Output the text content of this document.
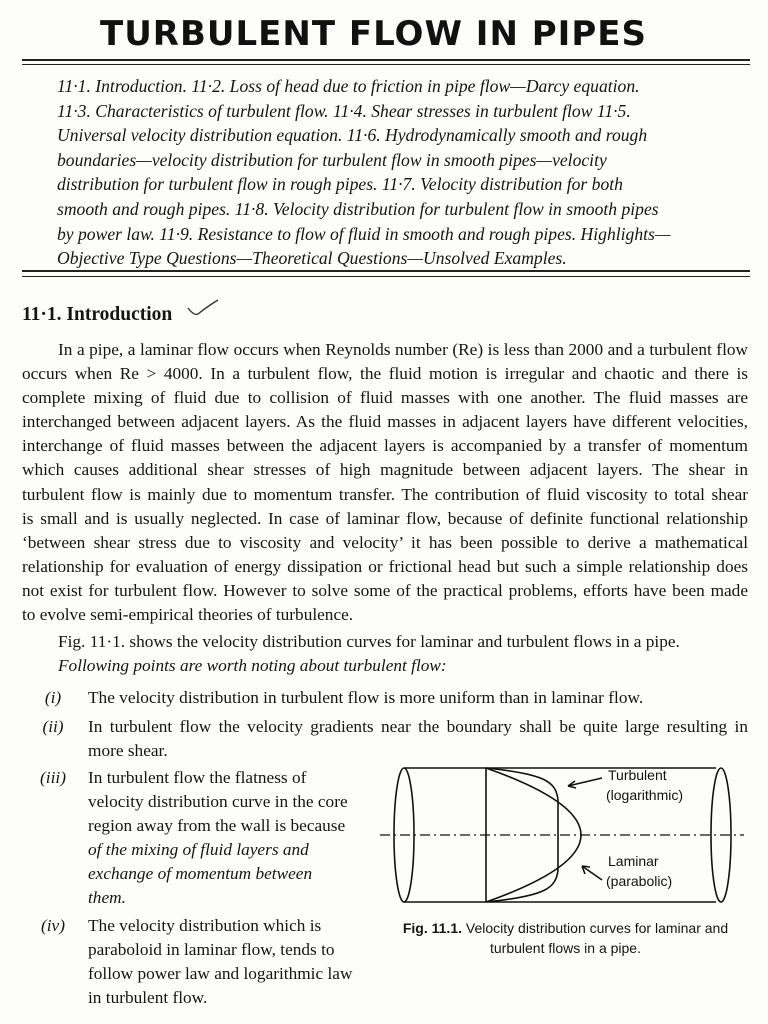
TURBULENT FLOW IN PIPES
11·1. Introduction. 11·2. Loss of head due to friction in pipe flow—Darcy equation.
11·3. Characteristics of turbulent flow. 11·4. Shear stresses in turbulent flow 11·5.
Universal velocity distribution equation. 11·6. Hydrodynamically smooth and rough
boundaries—velocity distribution for turbulent flow in smooth pipes—velocity
distribution for turbulent flow in rough pipes. 11·7. Velocity distribution for both
smooth and rough pipes. 11·8. Velocity distribution for turbulent flow in smooth pipes
by power law. 11·9. Resistance to flow of fluid in smooth and rough pipes. Highlights—
Objective Type Questions—Theoretical Questions—Unsolved Examples.
11·1. Introduction
In a pipe, a laminar flow occurs when Reynolds number (Re) is less than 2000 and a turbulent flow
occurs when Re > 4000. In a turbulent flow, the fluid motion is irregular and chaotic and there is
complete mixing of fluid due to collision of fluid masses with one another. The fluid masses are
interchanged between adjacent layers. As the fluid masses in adjacent layers have different velocities,
interchange of fluid masses between the adjacent layers is accompanied by a transfer of momentum
which causes additional shear stresses of high magnitude between adjacent layers. The shear in
turbulent flow is mainly due to momentum transfer. The contribution of fluid viscosity to total shear
is small and is usually neglected. In case of laminar flow, because of definite functional relationship
‘between shear stress due to viscosity and velocity’ it has been possible to derive a mathematical
relationship for evaluation of energy dissipation or frictional head but such a simple relationship does
not exist for turbulent flow. However to solve some of the practical problems, efforts have been made
to evolve semi-empirical theories of turbulence.
Fig. 11·1. shows the velocity distribution curves for laminar and turbulent flows in a pipe.
Following points are worth noting about turbulent flow:
(i)	The velocity distribution in turbulent flow is more uniform than in laminar flow.
(ii)	In turbulent flow the velocity gradients near the boundary shall be quite large resulting in
more shear.
(iii)	In turbulent flow the flatness of
velocity distribution curve in the core
region away from the wall is because
of the mixing of fluid layers and
exchange of momentum between
them.
(iv)	The velocity distribution which is
paraboloid in laminar flow, tends to
follow power law and logarithmic law
in turbulent flow.
Turbulent
(logarithmic)
Laminar
(parabolic)
Fig. 11.1. Velocity distribution curves for laminar and turbulent flows in a pipe.
